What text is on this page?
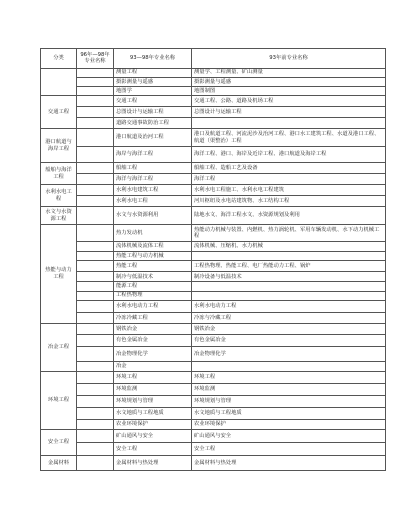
分类	96年—98年专业名称	93—98年专业名称	93年前专业名称
		测量工程	测量学、工程测量、矿山测量
		摄影测量与遥感	摄影测量与遥感
		地图学	地图制图
交通工程		交通工程	交通工程、公路、道路及机场工程
		总图设计与运输工程	总图设计与运输工程
		道路交通事故防治工程	
港口航道与海岸工程		港口航道及治河工程	港口及航道工程、河流泥沙及治河工程、港口水工建筑工程、水道及港口工程、航道（渠整治）工程
		海岸与海洋工程	海洋工程、港口、海岸及近岸工程、港口航道及海岸工程
船舶与海洋工程		船舶工程	船舶工程、造船工艺及设备
		海洋与海洋工程	海洋工程
水利水电工程		水利水电建筑工程	水利水电工程施工、水利水电工程建筑
		水利水电工程	河川枢纽及水电站建筑物、水工结构工程
水文与水资源工程		水文与水资源利用	陆地水文、海洋工程水文、水资源规划及利用
热能与动力工程		热力发动机	热能动力机械与装置、内燃机、热力涡轮机、军用车辆发动机、水下动力机械工程
		流体机械及流体工程	流体机械、压缩机、水力机械
		热能工程与动力机械	
		热能工程	工程热物理、热能工程、电厂热能动力工程、锅炉
		制冷与低温技术	制冷设备与低温技术
		能源工程	
		工程热物理	
		水利水电动力工程	水利水电动力工程
		冷冻冷藏工程	冷冻与冷藏工程
冶金工程		钢铁冶金	钢铁冶金
		有色金属冶金	有色金属冶金
		冶金物理化学	冶金物理化学
		冶金	
环境工程		环境工程	环境工程
		环境监测	环境监测
		环境规划与管理	环境规划与管理
		水文地质与工程地质	水文地质与工程地质
		农业环境保护	农业环境保护
安全工程		矿山通风与安全	矿山通风与安全
		安全工程	安全工程
金属材料		金属材料与热处理	金属材料与热处理
